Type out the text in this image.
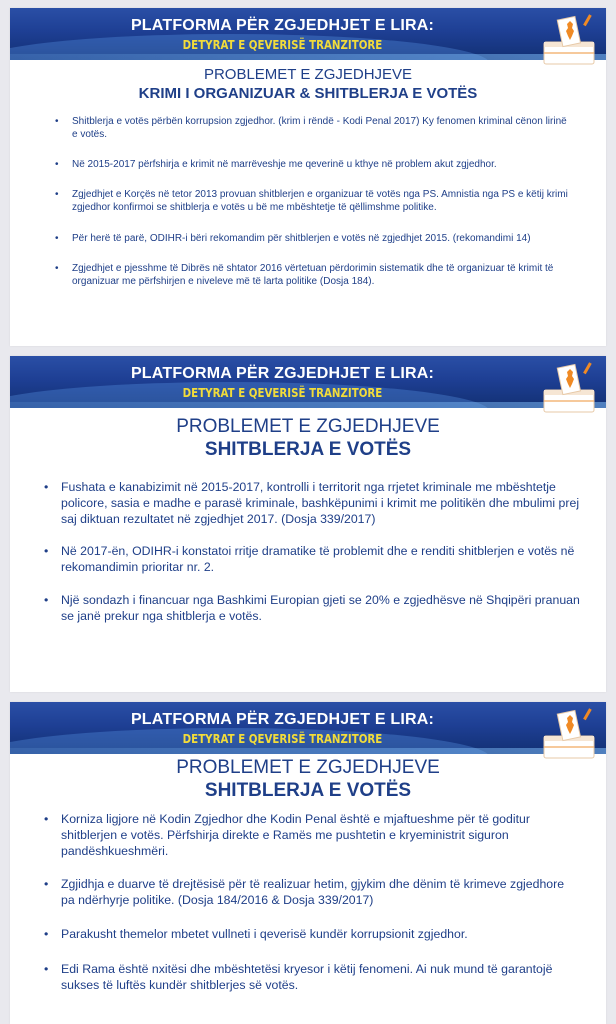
PLATFORMA PËR ZGJEDHJET E LIRA:
DETYRAT E QEVERISË TRANZITORE
PROBLEMET E ZGJEDHJEVE
KRIMI I ORGANIZUAR & SHITBLERJA E VOTËS
• Shitblerja e votës përbën korrupsion zgjedhor. (krim i rëndë - Kodi Penal 2017) Ky fenomen kriminal cënon lirinë e votës.
• Në 2015-2017 përfshirja e krimit në marrëveshje me qeverinë u kthye në problem akut zgjedhor.
• Zgjedhjet e Korçës në tetor 2013 provuan shitblerjen e organizuar të votës nga PS. Amnistia nga PS e këtij krimi zgjedhor konfirmoi se shitblerja e votës u bë me mbështetje të qëllimshme politike.
• Për herë të parë, ODIHR-i bëri rekomandim për shitblerjen e votës në zgjedhjet 2015. (rekomandimi 14)
• Zgjedhjet e pjesshme të Dibrës në shtator 2016 vërtetuan përdorimin sistematik dhe të organizuar të krimit të organizuar me përfshirjen e niveleve më të larta politike (Dosja 184).
PLATFORMA PËR ZGJEDHJET E LIRA:
DETYRAT E QEVERISË TRANZITORE
PROBLEMET E ZGJEDHJEVE
SHITBLERJA E VOTËS
• Fushata e kanabizimit në 2015-2017, kontrolli i territorit nga rrjetet kriminale me mbështetje policore, sasia e madhe e parasë kriminale, bashkëpunimi i krimit me politikën dhe mbulimi prej saj diktuan rezultatet në zgjedhjet 2017. (Dosja 339/2017)
• Në 2017-ën, ODIHR-i konstatoi rritje dramatike të problemit dhe e renditi shitblerjen e votës në rekomandimin prioritar nr. 2.
• Një sondazh i financuar nga Bashkimi Europian gjeti se 20% e zgjedhësve në Shqipëri pranuan se janë prekur nga shitblerja e votës.
PLATFORMA PËR ZGJEDHJET E LIRA:
DETYRAT E QEVERISË TRANZITORE
PROBLEMET E ZGJEDHJEVE
SHITBLERJA E VOTËS
• Korniza ligjore në Kodin Zgjedhor dhe Kodin Penal është e mjaftueshme për të goditur shitblerjen e votës. Përfshirja direkte e Ramës me pushtetin e kryeministrit siguron pandëshkueshmëri.
• Zgjidhja e duarve të drejtësisë për të realizuar hetim, gjykim dhe dënim të krimeve zgjedhore pa ndërhyrje politike. (Dosja 184/2016 & Dosja 339/2017)
• Parakusht themelor mbetet vullneti i qeverisë kundër korrupsionit zgjedhor.
• Edi Rama është nxitësi dhe mbështetësi kryesor i këtij fenomeni. Ai nuk mund të garantojë sukses të luftës kundër shitblerjes së votës.
